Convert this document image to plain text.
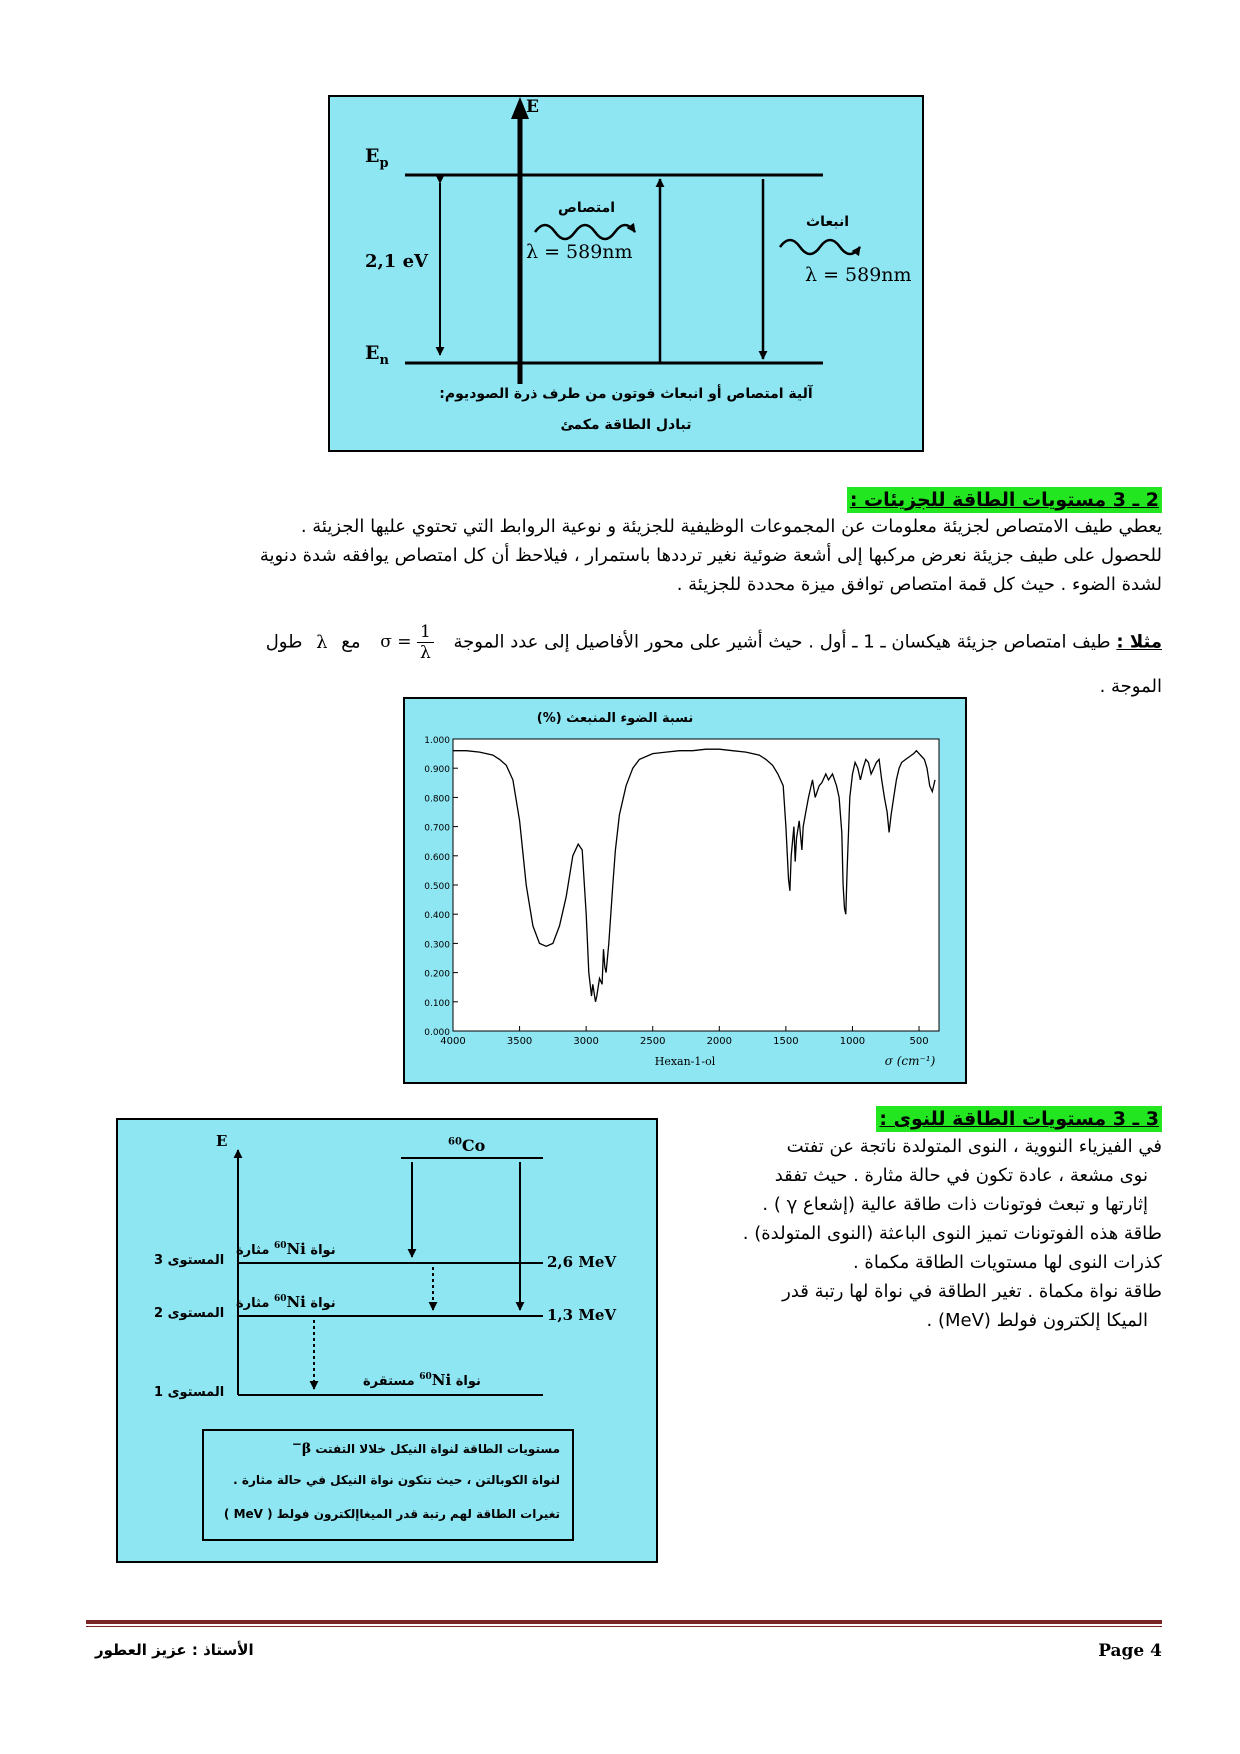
E
$E_p$
$E_n$
2,1 eV
امتصاص
انبعاث
λ = 589nm
λ = 589nm
آلية امتصاص أو انبعاث فوتون من طرف ذرة الصوديوم:
تبادل الطاقة مكمئ
2 ـ 3 مستويات الطاقة للجزيئات :

يعطي طيف الامتصاص لجزيئة معلومات عن المجموعات الوظيفية للجزيئة و نوعية الروابط التي تحتوي عليها الجزيئة .

للحصول على طيف جزيئة نعرض مركبها إلى أشعة ضوئية نغير ترددها باستمرار ، فيلاحظ أن كل امتصاص يوافقه شدة دنوية

لشدة الضوء . حيث كل قمة امتصاص توافق ميزة محددة للجزيئة .

مثلا : طيف امتصاص جزيئة هيكسان ـ 1 ـ أول . حيث أشير على محور الأفاصيل إلى عدد الموجة $\sigma = \frac{1}{\lambda}$
مع λ طول
الموجة .
نسبة الضوء المنبعث (%)
σ (cm⁻¹)
Hexan-1-ol
1.000
0.900
0.800
0.700
0.600
0.500
0.400
0.300
0.200
0.100
0.000
4000	3500	3000	2500	2000	1500	1000	500
3 ـ 3 مستويات الطاقة للنوى :

في الفيزياء النووية ، النوى المتولدة ناتجة عن تفتت

نوى مشعة ، عادة تكون في حالة مثارة . حيث تفقد

إثارتها و تبعث فوتونات ذات طاقة عالية (إشعاع γ ) .

طاقة هذه الفوتونات تميز النوى الباعثة (النوى المتولدة) .

كذرات النوى لها مستويات الطاقة مكماة .

طاقة نواة مكماة . تغير الطاقة في نواة لها رتبة قدر

الميكا إلكترون فولط (MeV) .

E	$^{60}$Co
نواة $^{60}$Ni مثارة
نواة $^{60}$Ni مثارة
نواة $^{60}$Ni مستقرة
المستوى 3
المستوى 2
المستوى 1
2,6 MeV
1,3 MeV
مستويات الطاقة لنواة النيكل خلالا التفتت β−
لنواة الكوبالتن ، حيث تتكون نواة النيكل في حالة مثارة .
تغيرات الطاقة لهم رتبة قدر الميغاإلكترون فولط ( MeV )
Page 4
الأستاذ : عزيز العطور
